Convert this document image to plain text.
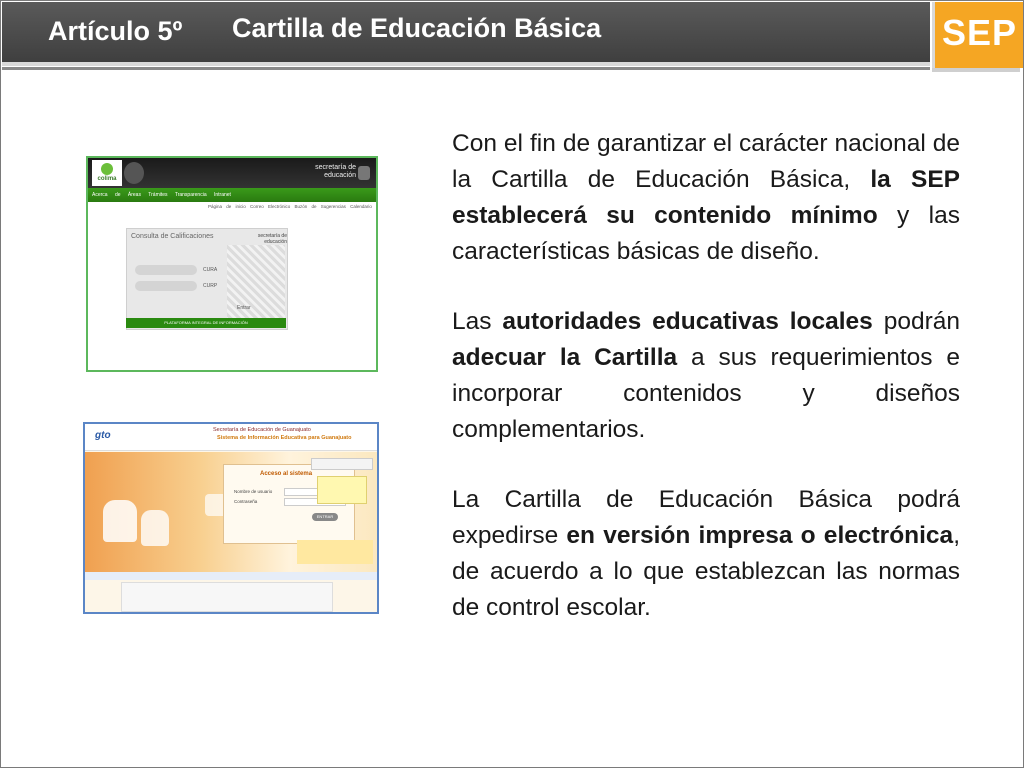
Artículo 5º Cartilla de Educación Básica	SEP
colima
secretaría de educación
Acerca de Áreas Trámites Transparencia Intranet
Página de inicio Correo Electrónico Buzón de Sugerencias Calendario
Consulta de Calificaciones	secretaría de educación
CURA
CURP
Entrar
PLATAFORMA INTEGRAL DE INFORMACIÓN
gto	Secretaría de Educación de Guanajuato
Sistema de Información Educativa para Guanajuato
Acceso al sistema
Nombre de usuario
Contraseña
ENTRAR

Con el fin de garantizar el carácter nacional de la Cartilla de Educación Básica, la SEP establecerá su contenido mínimo y las características básicas de diseño.

Las autoridades educativas locales podrán adecuar la Cartilla a sus requerimientos e incorporar contenidos y diseños complementarios.

La Cartilla de Educación Básica podrá expedirse en versión impresa o electrónica, de acuerdo a lo que establezcan las normas de control escolar.
